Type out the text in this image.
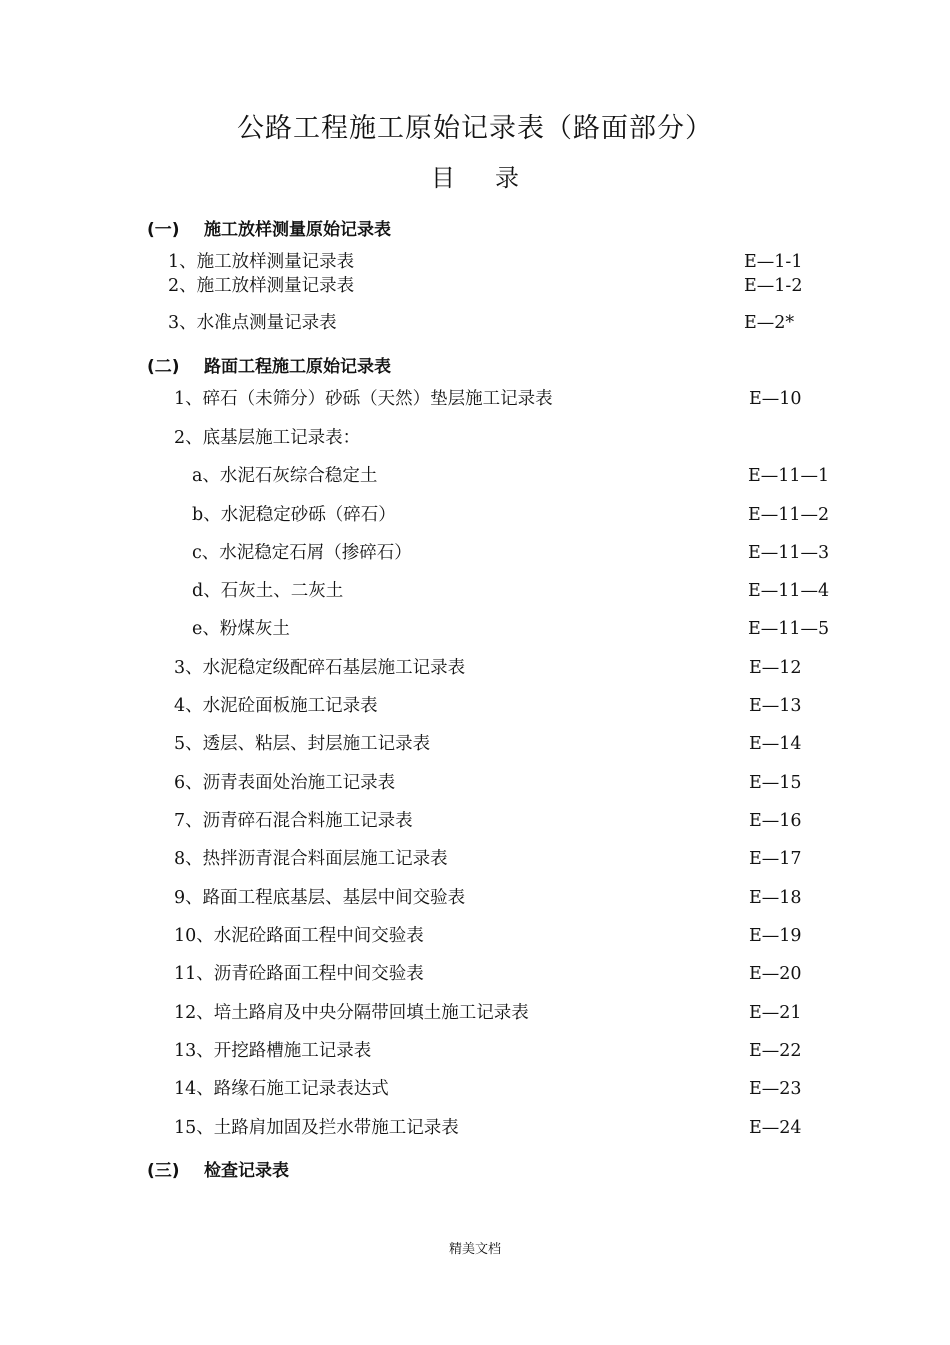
公路工程施工原始记录表（路面部分）
目录
(一) 施工放样测量原始记录表
1、施工放样测量记录表	E—1-1
2、施工放样测量记录表	E—1-2
3、水准点测量记录表	E—2*
(二) 路面工程施工原始记录表
1、碎石（未筛分）砂砾（天然）垫层施工记录表	E—10
2、底基层施工记录表：
a、水泥石灰综合稳定土	E—11—1
b、水泥稳定砂砾（碎石）	E—11—2
c、水泥稳定石屑（掺碎石）	E—11—3
d、石灰土、二灰土	E—11—4
e、粉煤灰土	E—11—5
3、水泥稳定级配碎石基层施工记录表	E—12
4、水泥砼面板施工记录表	E—13
5、透层、粘层、封层施工记录表	E—14
6、沥青表面处治施工记录表	E—15
7、沥青碎石混合料施工记录表	E—16
8、热拌沥青混合料面层施工记录表	E—17
9、路面工程底基层、基层中间交验表	E—18
10、水泥砼路面工程中间交验表	E—19
11、沥青砼路面工程中间交验表	E—20
12、培土路肩及中央分隔带回填土施工记录表	E—21
13、开挖路槽施工记录表	E—22
14、路缘石施工记录表达式	E—23
15、土路肩加固及拦水带施工记录表	E—24
(三) 检查记录表
精美文档
